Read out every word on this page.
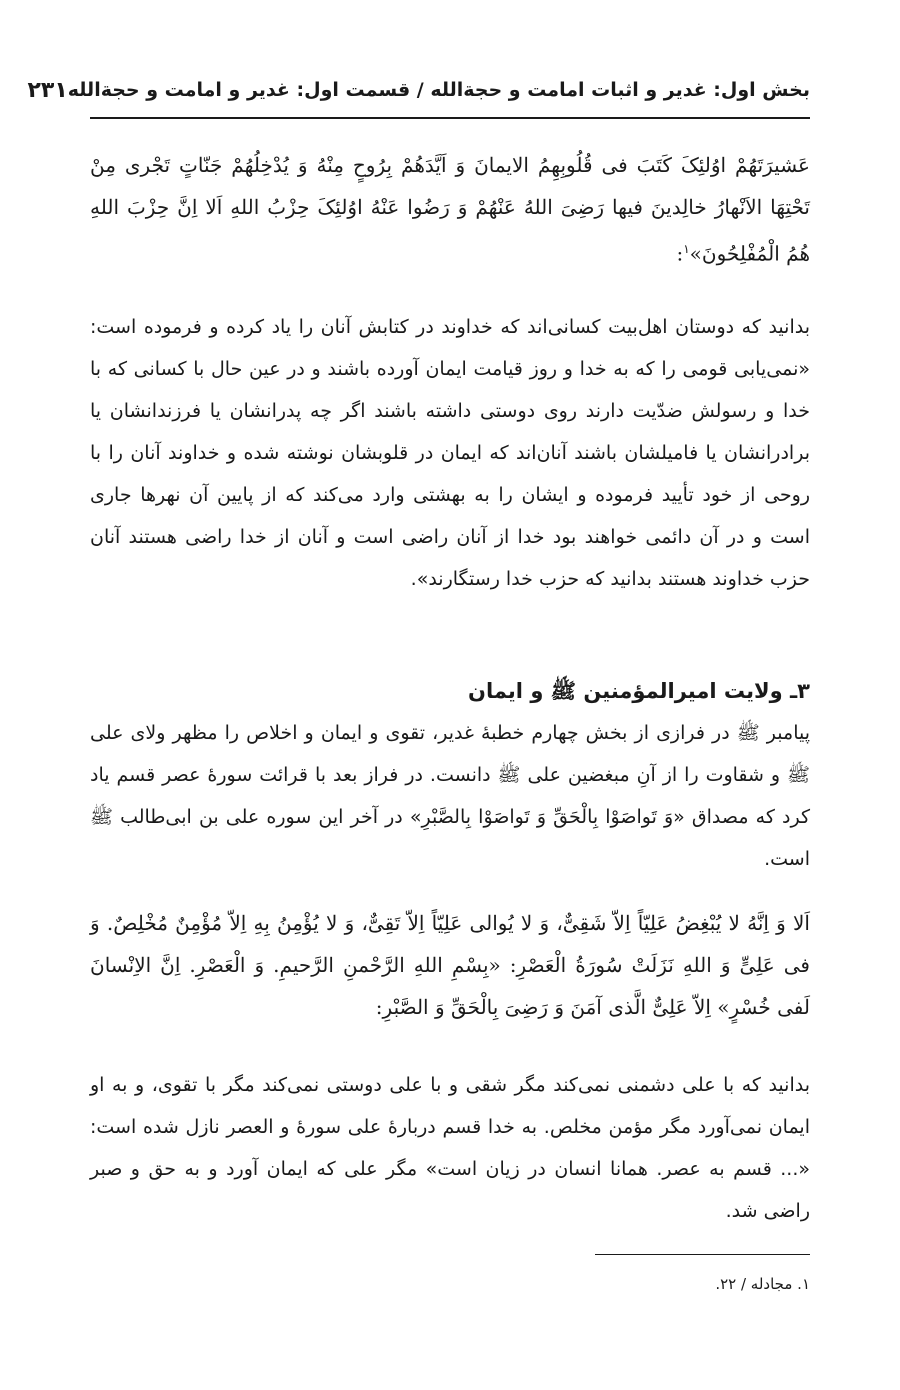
بخش اول: غدیر و اثبات امامت و حجةالله / قسمت اول: غدیر و امامت و حجةالله
۲۳۱
عَشيرَتَهُمْ اوُلئِکَ کَتَبَ فی قُلُوبِهِمُ الايمانَ وَ اَيَّدَهُمْ بِرُوحٍ مِنْهُ وَ يُدْخِلُهُمْ جَنّاتٍ تَجْری مِنْ تَحْتِهَا الاَنْهارُ خالِدينَ فيها رَضِیَ اللهُ عَنْهُمْ وَ رَضُوا عَنْهُ اوُلئِکَ حِزْبُ اللهِ اَلا اِنَّ حِزْبَ اللهِ هُمُ الْمُفْلِحُونَ»$^۱$:
بدانید که دوستان اهل‌بیت کسانی‌اند که خداوند در کتابش آنان را یاد کرده و فرموده است: «نمی‌یابی قومی را که به خدا و روز قیامت ایمان آورده باشند و در عین حال با کسانی که با خدا و رسولش ضدّیت دارند روی دوستی داشته باشند اگر چه پدرانشان یا فرزندانشان یا برادرانشان یا فامیلشان باشند آنان‌اند که ایمان در قلوبشان نوشته شده و خداوند آنان را با روحی از خود تأیید فرموده و ایشان را به بهشتی وارد می‌کند که از پایین آن نهرها جاری است و در آن دائمی خواهند بود خدا از آنان راضی است و آنان از خدا راضی هستند آنان حزب خداوند هستند بدانید که حزب خدا رستگارند».
۳ـ ولایت امیرالمؤمنین ﷺ و ایمان
پیامبر ﷺ در فرازی از بخش چهارم خطبهٔ غدیر، تقوی و ایمان و اخلاص را مظهر ولای علی ﷺ و شقاوت را از آنِ مبغضین علی ﷺ دانست. در فراز بعد با قرائت سورهٔ عصر قسم یاد کرد که مصداق «وَ تَواصَوْا بِالْحَقِّ وَ تَواصَوْا بِالصَّبْرِ» در آخر این سوره علی بن ابی‌طالب ﷺ است.
اَلا وَ اِنَّهُ لا يُبْغِضُ عَلِيّاً اِلاّ شَقِیٌّ، وَ لا يُوالی عَلِيّاً اِلاّ تَقِیٌّ، وَ لا يُؤْمِنُ بِهِ اِلاّ مُؤْمِنٌ مُخْلِصٌ. وَ فی عَلِیٍّ وَ اللهِ نَزَلَتْ سُورَةُ الْعَصْرِ: «بِسْمِ اللهِ الرَّحْمنِ الرَّحيمِ. وَ الْعَصْرِ. اِنَّ الاِنْسانَ لَفی خُسْرٍ» اِلاّ عَلِیٌّ الَّذی آمَنَ وَ رَضِیَ بِالْحَقِّ وَ الصَّبْرِ:
بدانید که با علی دشمنی نمی‌کند مگر شقی و با علی دوستی نمی‌کند مگر با تقوی، و به او ایمان نمی‌آورد مگر مؤمن مخلص. به خدا قسم دربارهٔ علی سورهٔ و العصر نازل شده است: «... قسم به عصر. همانا انسان در زیان است» مگر علی که ایمان آورد و به حق و صبر راضی شد.
۱. مجادله / ۲۲.
